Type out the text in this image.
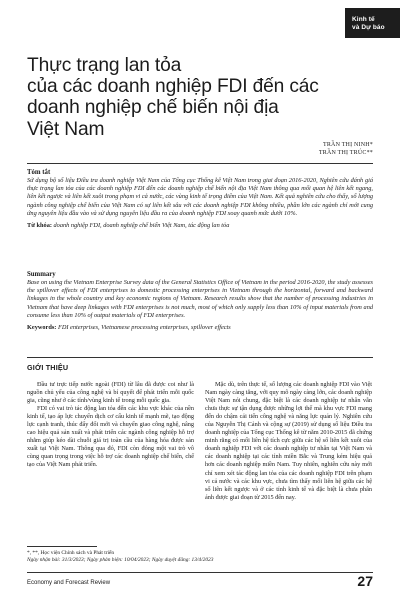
Kinh tế
và Dự báo
Thực trạng lan tỏa
của các doanh nghiệp FDI đến các
doanh nghiệp chế biến nội địa
Việt Nam
TRẦN THỊ NINH*
TRẦN THỊ TRÚC**
Tóm tắt

Sử dụng bộ số liệu Điều tra doanh nghiệp Việt Nam của Tổng cục Thống kê Việt Nam trong giai đoạn 2016-2020, Nghiên cứu đánh giá thực trạng lan tỏa của các doanh nghiệp FDI đến các doanh nghiệp chế biến nội địa Việt Nam thông qua mối quan hệ liên kết ngang, liên kết ngược và liên kết xuôi trong phạm vi cả nước, các vùng kinh tế trọng điểm của Việt Nam. Kết quả nghiên cứu cho thấy, số lượng ngành công nghiệp chế biến của Việt Nam có sự liên kết sâu với các doanh nghiệp FDI không nhiều, phần lớn các ngành chỉ mới cung ứng nguyên liệu đầu vào và sử dụng nguyên liệu đầu ra của doanh nghiệp FDI xoay quanh mức dưới 10%.

Từ khóa: doanh nghiệp FDI, doanh nghiệp chế biến Việt Nam, tác động lan tỏa

Summary

Base on using the Vietnam Enterprise Survey data of the General Statistics Office of Vietnam in the period 2016-2020, the study assesses the spillover effects of FDI enterprises to domestic processing enterprises in Vietnam through the horizontal, forward and backward linkages in the whole country and key economic regions of Vietnam. Research results show that the number of processing industries in Vietnam that have deep linkages with FDI enterprises is not much, most of which only supply less than 10% of input materials from and consume less than 10% of output materials of FDI enterprises.

Keywords: FDI enterprises, Vietnamese processing enterprises, spillover effects

GIỚI THIỆU

Đầu tư trực tiếp nước ngoài (FDI) từ lâu đã được coi như là nguồn chủ yếu của công nghệ và bí quyết để phát triển mỗi quốc gia, cũng như ở các tỉnh/vùng kinh tế trong mỗi quốc gia.

FDI có vai trò tác động lan tỏa đến các khu vực khác của nền kinh tế, tạo áp lực chuyển dịch cơ cấu kinh tế mạnh mẽ, tạo động lực cạnh tranh, thúc đẩy đổi mới và chuyển giao công nghệ, nâng cao hiệu quả sản xuất và phát triển các ngành công nghiệp hỗ trợ nhằm giúp kéo dài chuỗi giá trị toàn cầu của hàng hóa được sản xuất tại Việt Nam. Thông qua đó, FDI còn đóng một vai trò vô cùng quan trọng trong việc hỗ trợ các doanh nghiệp chế biến, chế tạo của Việt Nam phát triển.

Mặc dù, trên thực tế, số lượng các doanh nghiệp FDI vào Việt Nam ngày càng tăng, với quy mô ngày càng lớn, các doanh nghiệp Việt Nam nói chung, đặc biệt là các doanh nghiệp tư nhân vẫn chưa thực sự tận dụng được những lợi thế mà khu vực FDI mang đến do chậm cải tiến công nghệ và năng lực quản lý. Nghiên cứu của Nguyễn Thị Cảnh và cộng sự (2019) sử dụng số liệu Điều tra doanh nghiệp của Tổng cục Thống kê từ năm 2010-2015 đã chứng minh rằng có mối liên hệ tích cực giữa các hệ số liên kết xuôi của doanh nghiệp FDI với các doanh nghiệp tư nhân tại Việt Nam và các doanh nghiệp tại các tỉnh miền Bắc và Trung kém hiệu quả hơn các doanh nghiệp miền Nam. Tuy nhiên, nghiên cứu này mới chỉ xem xét tác động lan tỏa của các doanh nghiệp FDI trên phạm vi cả nước và các khu vực, chưa tìm thấy mối liên hệ giữa các hệ số liên kết ngược và ở các tỉnh kinh tế và đặc biệt là chưa phân ánh được giai đoạn từ 2015 đến nay.

*, **, Học viện Chính sách và Phát triển
Ngày nhận bài: 31/3/2023; Ngày phản biện: 10/04/2023; Ngày duyệt đăng: 13/4/2023
Economy and Forecast Review	27
